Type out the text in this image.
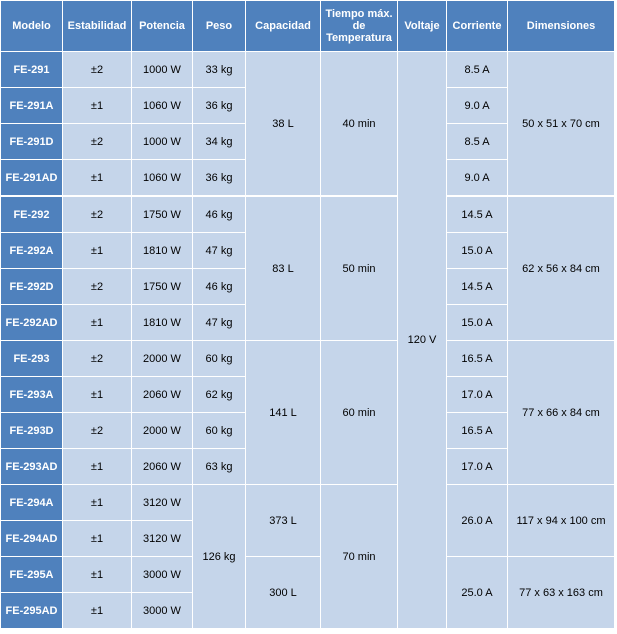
Modelo	Estabilidad	Potencia	Peso	Capacidad	Tiempo máx. de Temperatura	Voltaje	Corriente	Dimensiones
FE-291	±2	1000 W	33 kg	38 L	40 min	120 V	8.5 A	50 x 51 x 70 cm
FE-291A	±1	1060 W	36 kg				9.0 A	
FE-291D	±2	1000 W	34 kg				8.5 A	
FE-291AD	±1	1060 W	36 kg				9.0 A	
FE-292	±2	1750 W	46 kg	83 L	50 min		14.5 A	62 x 56 x 84 cm
FE-292A	±1	1810 W	47 kg				15.0 A	
FE-292D	±2	1750 W	46 kg				14.5 A	
FE-292AD	±1	1810 W	47 kg				15.0 A	
FE-293	±2	2000 W	60 kg	141 L	60 min		16.5 A	77 x 66 x 84 cm
FE-293A	±1	2060 W	62 kg				17.0 A	
FE-293D	±2	2000 W	60 kg				16.5 A	
FE-293AD	±1	2060 W	63 kg				17.0 A	
FE-294A	±1	3120 W	126 kg	373 L	70 min		26.0 A	117 x 94 x 100 cm
FE-294AD	±1	3120 W						
FE-295A	±1	3000 W		300 L			25.0 A	77 x 63 x 163 cm
FE-295AD	±1	3000 W						
